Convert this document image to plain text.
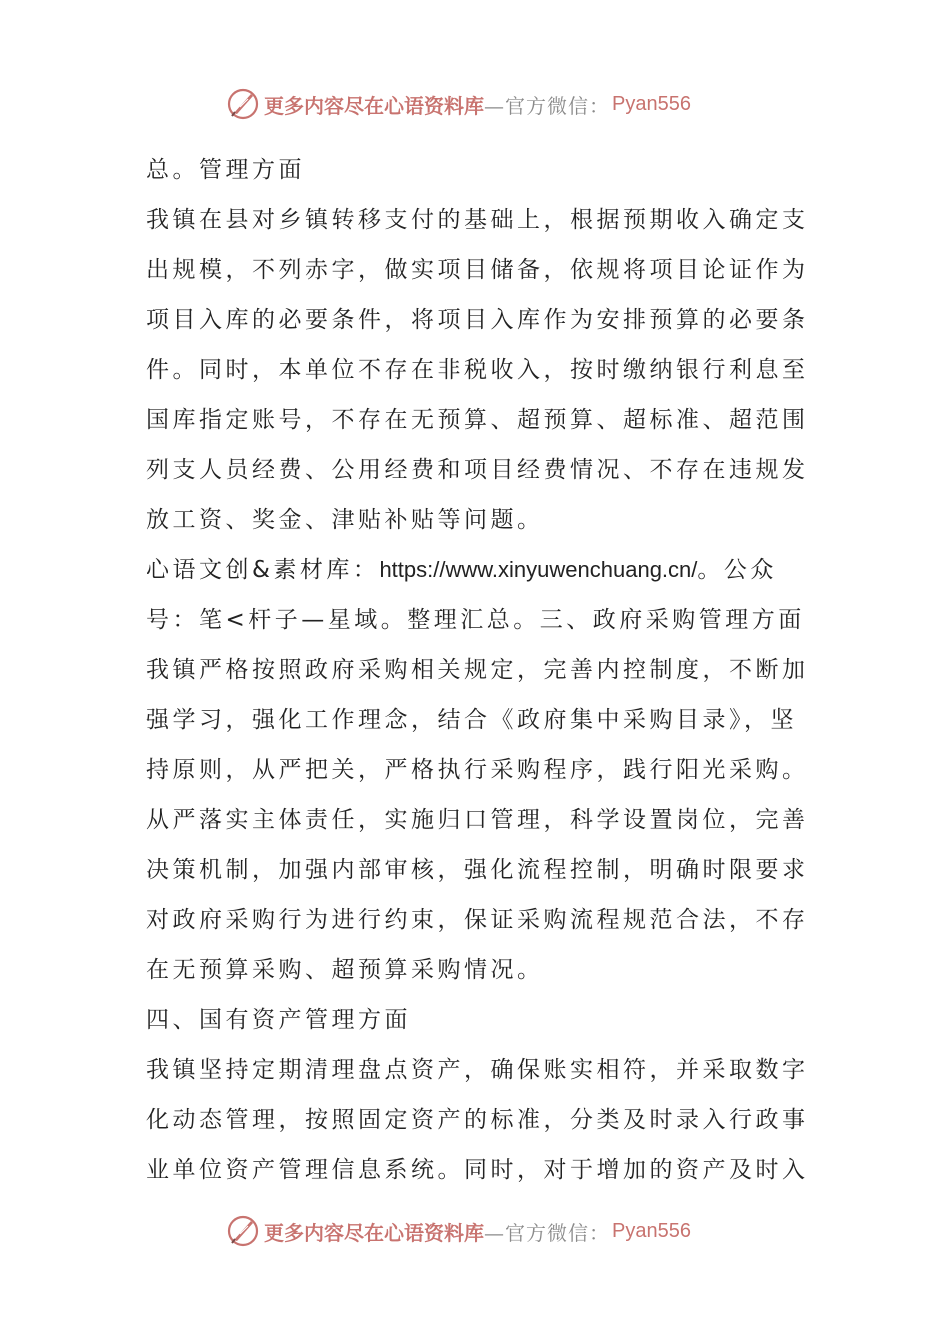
更多内容尽在心语资料库 —官方微信： Pyan556
总。管理方面
我镇在县对乡镇转移支付的基础上，根据预期收入确定支
出规模，不列赤字，做实项目储备，依规将项目论证作为
项目入库的必要条件，将项目入库作为安排预算的必要条
件。同时，本单位不存在非税收入，按时缴纳银行利息至
国库指定账号，不存在无预算、超预算、超标准、超范围
列支人员经费、公用经费和项目经费情况、不存在违规发
放工资、奖金、津贴补贴等问题。
心语文创&素材库：https://www.xinyuwenchuang.cn/。公众
号：笔<杆子—星域。整理汇总。三、政府采购管理方面
我镇严格按照政府采购相关规定，完善内控制度，不断加
强学习，强化工作理念，结合《政府集中采购目录》，坚
持原则，从严把关，严格执行采购程序，践行阳光采购。
从严落实主体责任，实施归口管理，科学设置岗位，完善
决策机制，加强内部审核，强化流程控制，明确时限要求
对政府采购行为进行约束，保证采购流程规范合法，不存
在无预算采购、超预算采购情况。
四、国有资产管理方面
我镇坚持定期清理盘点资产，确保账实相符，并采取数字
化动态管理，按照固定资产的标准，分类及时录入行政事
业单位资产管理信息系统。同时，对于增加的资产及时入
更多内容尽在心语资料库 —官方微信： Pyan556
